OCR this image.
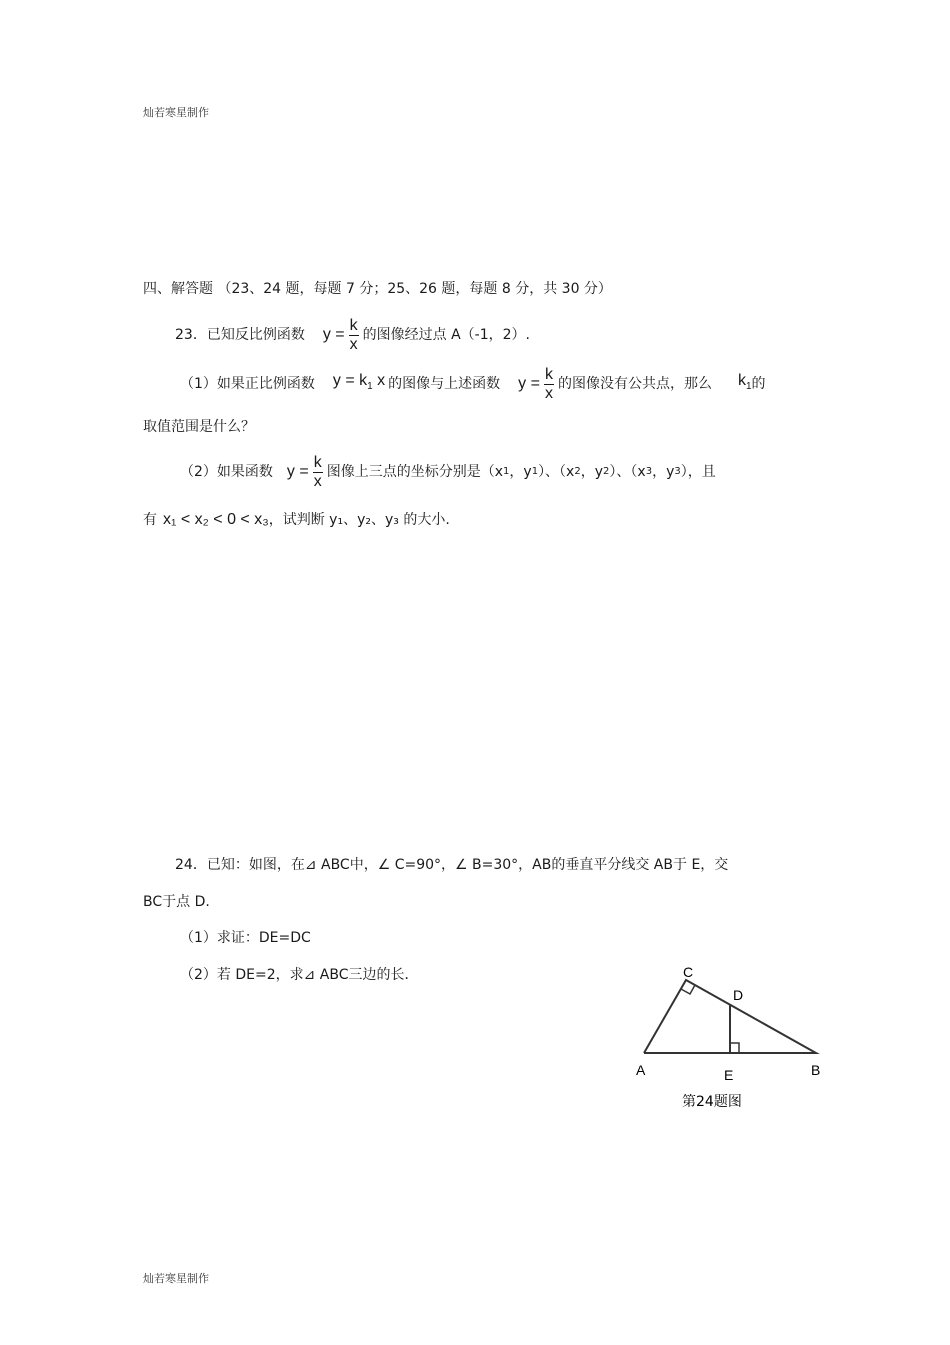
灿若寒星制作
四、解答题 （23、24 题，每题 7 分；25、26 题，每题 8 分，共 30 分）
23．已知反比例函数 $y = \frac{k}{x}$ 的图像经过点 A（-1，2）.
（1）如果正比例函数 $y = k_1$ x 的图像与上述函数 $y = \frac{k}{x}$ 的图像没有公共点，那么 $k_1$ 的
取值范围是什么？
（2）如果函数 $y = \frac{k}{x}$ 图像上三点的坐标分别是（x 1 ，y 1 ）、（x 2 ，y 2 ）、（x 3 ，y 3 ），且
有 x₁ < x₂ < 0 < x₃ ，试判断 y₁、y₂、y₃ 的大小.
24．已知：如图，在⊿ ABC中，∠ C=90°，∠ B=30°，AB的垂直平分线交 AB于 E，交
BC于点 D.
（1）求证：DE=DC
（2）若 DE=2，求⊿ ABC三边的长．	C
D
A	E	B
第24题图
灿若寒星制作
